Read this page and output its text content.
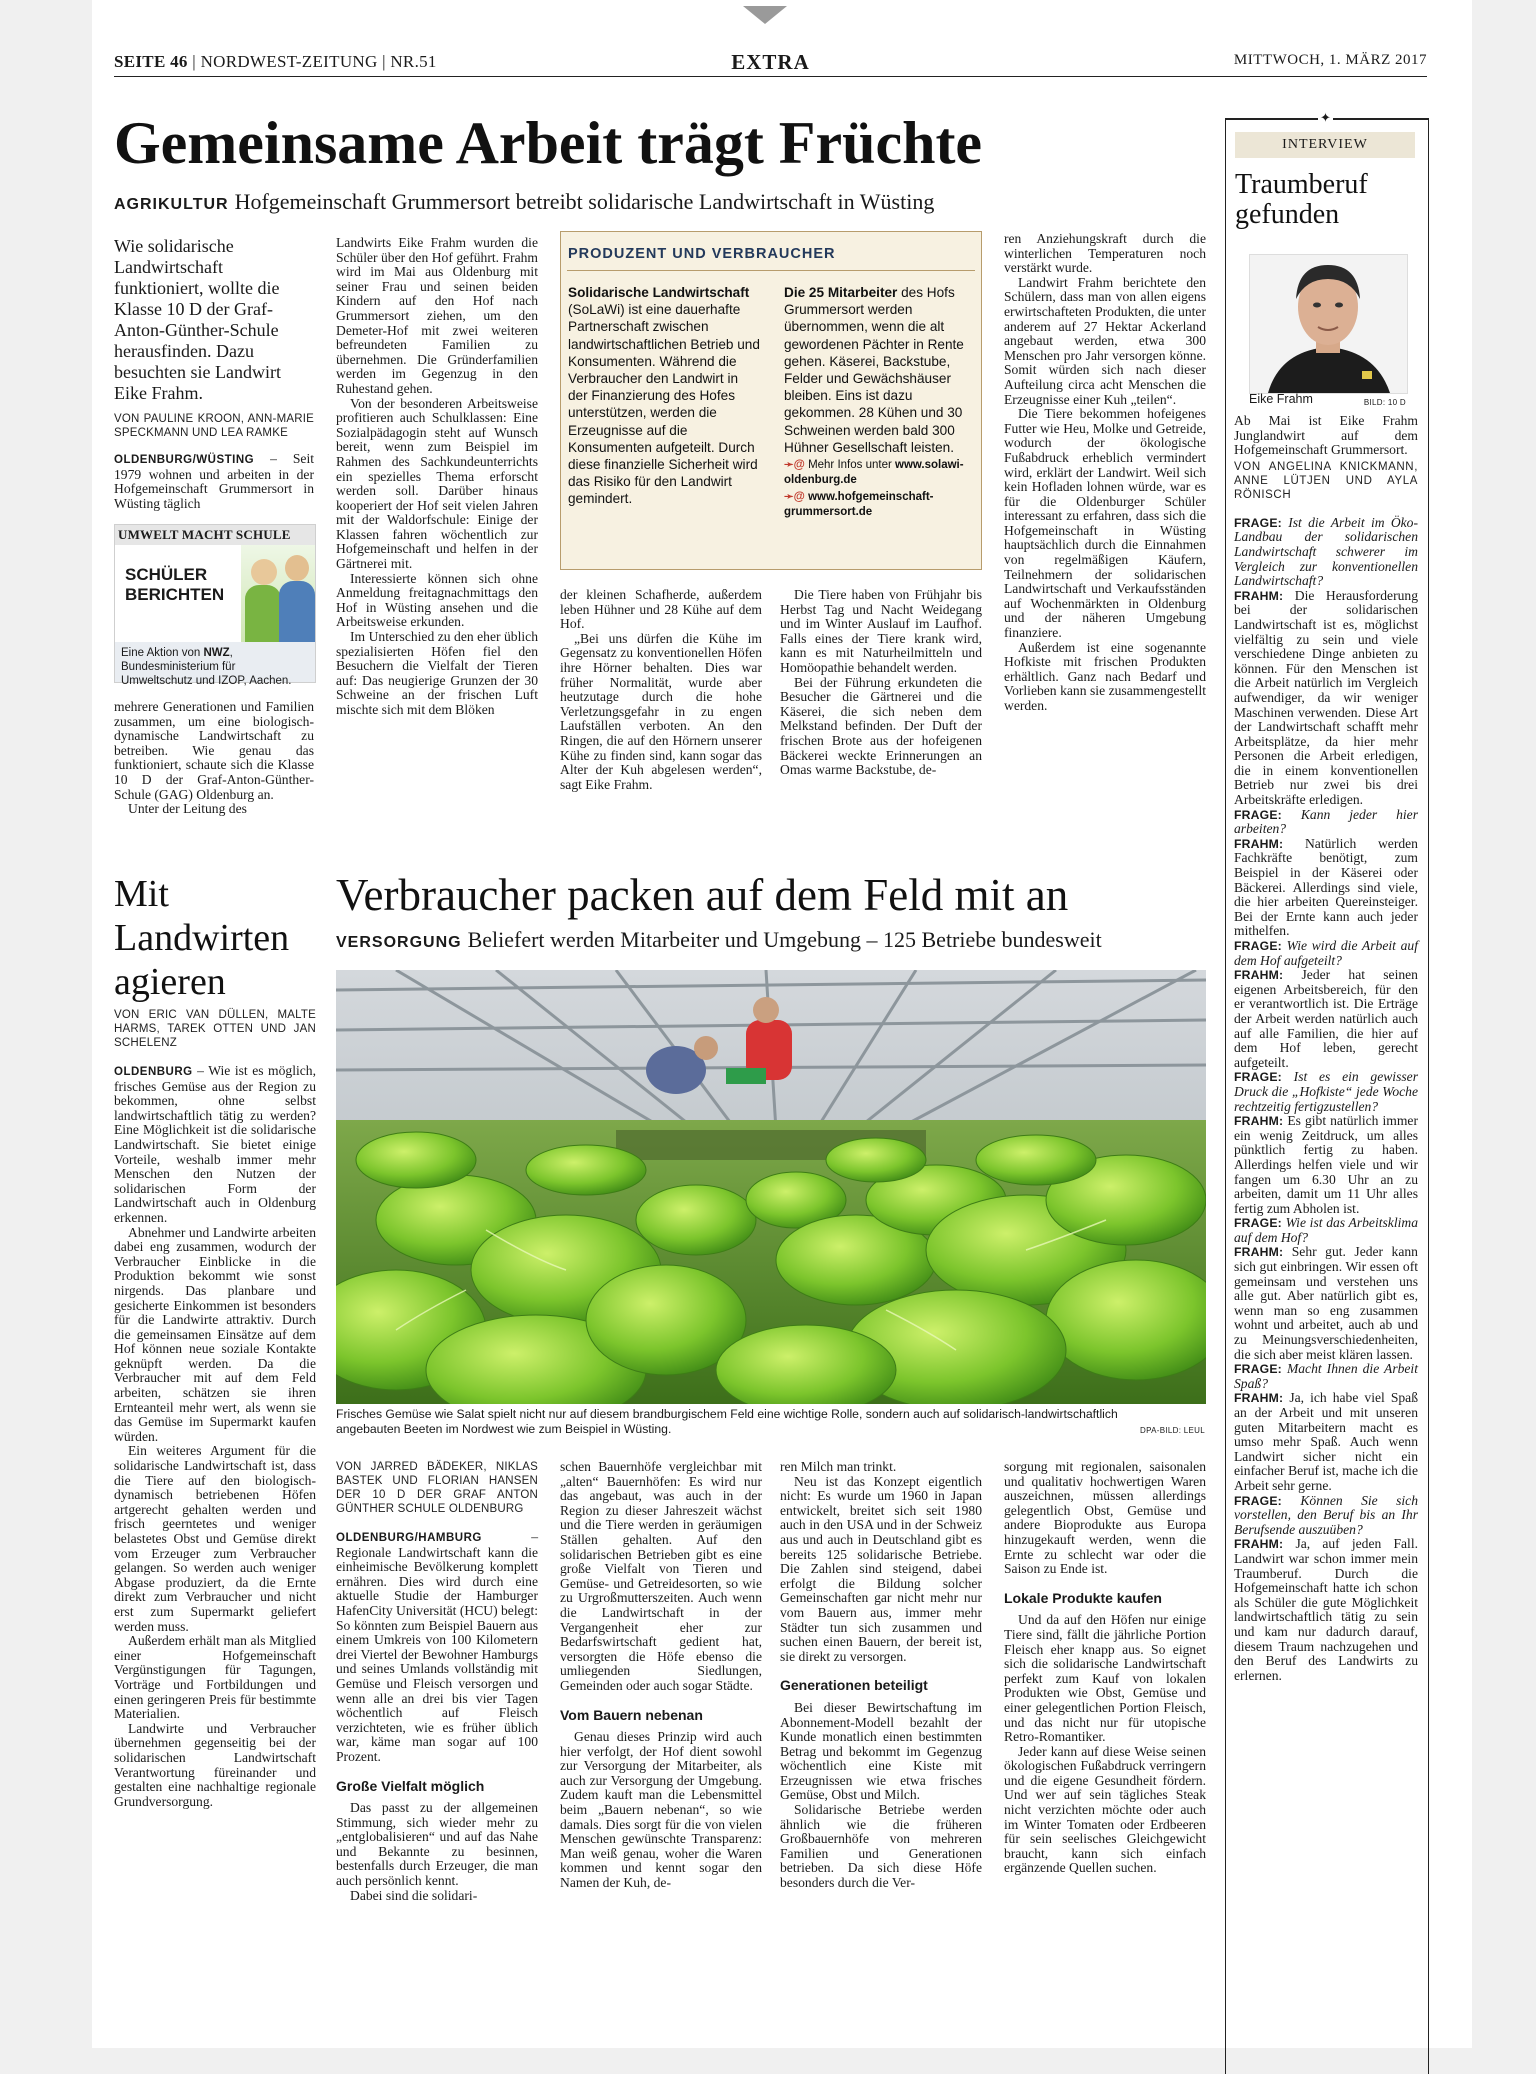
SEITE 46 | NORDWEST-ZEITUNG | NR.51	EXTRA	MITTWOCH, 1. MÄRZ 2017
Gemeinsame Arbeit trägt Früchte
AGRIKULTUR Hofgemeinschaft Grummersort betreibt solidarische Landwirtschaft in Wüsting
Wie solidarische Landwirtschaft funktioniert, wollte die Klasse 10 D der Graf-Anton-Günther-Schule herausfinden. Dazu besuchten sie Landwirt Eike Frahm.
VON PAULINE KROON, ANN-MARIE SPECKMANN UND LEA RAMKE

OLDENBURG/WÜSTING – Seit 1979 wohnen und arbeiten in der Hofgemeinschaft Grummersort in Wüsting täglich

UMWELT MACHT SCHULE
SCHÜLER
BERICHTEN
Eine Aktion von NWZ, Bundesministerium für Umweltschutz und IZOP, Aachen.

mehrere Generationen und Familien zusammen, um eine biologisch-dynamische Landwirtschaft zu betreiben. Wie genau das funktioniert, schaute sich die Klasse 10 D der Graf-Anton-Günther-Schule (GAG) Oldenburg an.

Unter der Leitung des

Landwirts Eike Frahm wurden die Schüler über den Hof geführt. Frahm wird im Mai aus Oldenburg mit seiner Frau und seinen beiden Kindern auf den Hof nach Grummersort ziehen, um den Demeter-Hof mit zwei weiteren befreundeten Familien zu übernehmen. Die Gründerfamilien werden im Gegenzug in den Ruhestand gehen.

Von der besonderen Arbeitsweise profitieren auch Schulklassen: Eine Sozialpädagogin steht auf Wunsch bereit, wenn zum Beispiel im Rahmen des Sachkundeunterrichts ein spezielles Thema erforscht werden soll. Darüber hinaus kooperiert der Hof seit vielen Jahren mit der Waldorfschule: Einige der Klassen fahren wöchentlich zur Hofgemeinschaft und helfen in der Gärtnerei mit.

Interessierte können sich ohne Anmeldung freitagnachmittags den Hof in Wüsting ansehen und die Arbeitsweise erkunden.

Im Unterschied zu den eher üblich spezialisierten Höfen fiel den Besuchern die Vielfalt der Tieren auf: Das neugierige Grunzen der 30 Schweine an der frischen Luft mischte sich mit dem Blöken

PRODUZENT UND VERBRAUCHER
Solidarische Landwirtschaft (SoLaWi) ist eine dauerhafte Partnerschaft zwischen landwirtschaftlichen Betrieb und Konsumenten. Während die Verbraucher den Landwirt in der Finanzierung des Hofes unterstützen, werden die Erzeugnisse auf die Konsumenten aufgeteilt. Durch diese finanzielle Sicherheit wird das Risiko für den Landwirt gemindert.
Die 25 Mitarbeiter des Hofs Grummersort werden übernommen, wenn die alt gewordenen Pächter in Rente gehen. Käserei, Backstube, Felder und Gewächshäuser bleiben. Eins ist dazu gekommen. 28 Kühen und 30 Schweinen werden bald 300 Hühner Gesellschaft leisten.
➛@ Mehr Infos unter www.solawi-oldenburg.de
➛@ www.hofgemeinschaft-grummersort.de

der kleinen Schafherde, außerdem leben Hühner und 28 Kühe auf dem Hof.

„Bei uns dürfen die Kühe im Gegensatz zu konventionellen Höfen ihre Hörner behalten. Dies war früher Normalität, wurde aber heutzutage durch die hohe Verletzungsgefahr in zu engen Laufställen verboten. An den Ringen, die auf den Hörnern unserer Kühe zu finden sind, kann sogar das Alter der Kuh abgelesen werden“, sagt Eike Frahm.

Die Tiere haben von Frühjahr bis Herbst Tag und Nacht Weidegang und im Winter Auslauf im Laufhof. Falls eines der Tiere krank wird, kann es mit Naturheilmitteln und Homöopathie behandelt werden.

Bei der Führung erkundeten die Besucher die Gärtnerei und die Käserei, die sich neben dem Melkstand befinden. Der Duft der frischen Brote aus der hofeigenen Bäckerei weckte Erinnerungen an Omas warme Backstube, de-

ren Anziehungskraft durch die winterlichen Temperaturen noch verstärkt wurde.

Landwirt Frahm berichtete den Schülern, dass man von allen eigens erwirtschafteten Produkten, die unter anderem auf 27 Hektar Ackerland angebaut werden, etwa 300 Menschen pro Jahr versorgen könne. Somit würden sich nach dieser Aufteilung circa acht Menschen die Erzeugnisse einer Kuh „teilen“.

Die Tiere bekommen hofeigenes Futter wie Heu, Molke und Getreide, wodurch der ökologische Fußabdruck erheblich vermindert wird, erklärt der Landwirt. Weil sich kein Hofladen lohnen würde, war es für die Oldenburger Schüler interessant zu erfahren, dass sich die Hofgemeinschaft in Wüsting hauptsächlich durch die Einnahmen von regelmäßigen Käufern, Teilnehmern der solidarischen Landwirtschaft und Verkaufsständen auf Wochenmärkten in Oldenburg und der näheren Umgebung finanziere.

Außerdem ist eine sogenannte Hofkiste mit frischen Produkten erhältlich. Ganz nach Bedarf und Vorlieben kann sie zusammengestellt werden.

Mit
Landwirten
agieren
VON ERIC VAN DÜLLEN, MALTE HARMS, TAREK OTTEN UND JAN SCHELENZ

OLDENBURG – Wie ist es möglich, frisches Gemüse aus der Region zu bekommen, ohne selbst landwirtschaftlich tätig zu werden? Eine Möglichkeit ist die solidarische Landwirtschaft. Sie bietet einige Vorteile, weshalb immer mehr Menschen den Nutzen der solidarischen Form der Landwirtschaft auch in Oldenburg erkennen.

Abnehmer und Landwirte arbeiten dabei eng zusammen, wodurch der Verbraucher Einblicke in die Produktion bekommt wie sonst nirgends. Das planbare und gesicherte Einkommen ist besonders für die Landwirte attraktiv. Durch die gemeinsamen Einsätze auf dem Hof können neue soziale Kontakte geknüpft werden. Da die Verbraucher mit auf dem Feld arbeiten, schätzen sie ihren Ernteanteil mehr wert, als wenn sie das Gemüse im Supermarkt kaufen würden.

Ein weiteres Argument für die solidarische Landwirtschaft ist, dass die Tiere auf den biologisch-dynamisch betriebenen Höfen artgerecht gehalten werden und frisch geerntetes und weniger belastetes Obst und Gemüse direkt vom Erzeuger zum Verbraucher gelangen. So werden auch weniger Abgase produziert, da die Ernte direkt zum Verbraucher und nicht erst zum Supermarkt geliefert werden muss.

Außerdem erhält man als Mitglied einer Hofgemeinschaft Vergünstigungen für Tagungen, Vorträge und Fortbildungen und einen geringeren Preis für bestimmte Materialien.

Landwirte und Verbraucher übernehmen gegenseitig bei der solidarischen Landwirtschaft Verantwortung füreinander und gestalten eine nachhaltige regionale Grundversorgung.

Verbraucher packen auf dem Feld mit an
VERSORGUNG Beliefert werden Mitarbeiter und Umgebung – 125 Betriebe bundesweit
Frisches Gemüse wie Salat spielt nicht nur auf diesem brandburgischem Feld eine wichtige Rolle, sondern auch auf solidarisch-landwirtschaftlich angebauten Beeten im Nordwest wie zum Beispiel in Wüsting.	DPA-BILD: LEUL
VON JARRED BÄDEKER, NIKLAS BASTEK UND FLORIAN HANSEN DER 10 D DER GRAF ANTON GÜNTHER SCHULE OLDENBURG

OLDENBURG/HAMBURG	– Regionale Landwirtschaft kann die einheimische Bevölkerung komplett ernähren. Dies wird durch eine aktuelle Studie der Hamburger HafenCity Universität (HCU) belegt: So könnten zum Beispiel Bauern aus einem Umkreis von 100 Kilometern drei Viertel der Bewohner Hamburgs und seines Umlands vollständig mit Gemüse und Fleisch versorgen und wenn alle an drei bis vier Tagen wöchentlich auf Fleisch verzichteten, wie es früher üblich war, käme man sogar auf 100 Prozent.

Große Vielfalt möglich

Das passt zu der allgemeinen Stimmung, sich wieder mehr zu „entglobalisieren“ und auf das Nahe und Bekannte zu besinnen, bestenfalls durch Erzeuger, die man auch persönlich kennt.

Dabei sind die solidari-

schen Bauernhöfe vergleichbar mit „alten“ Bauernhöfen: Es wird nur das angebaut, was auch in der Region zu dieser Jahreszeit wächst und die Tiere werden in geräumigen Ställen gehalten. Auf den solidarischen Betrieben gibt es eine große Vielfalt von Tieren und Gemüse- und Getreidesorten, so wie zu Urgroßmutterszeiten. Auch wenn die Landwirtschaft in der Vergangenheit eher zur Bedarfswirtschaft gedient hat, versorgten die Höfe ebenso die umliegenden Siedlungen, Gemeinden oder auch sogar Städte.

Vom Bauern nebenan

Genau dieses Prinzip wird auch hier verfolgt, der Hof dient sowohl zur Versorgung der Mitarbeiter, als auch zur Versorgung der Umgebung. Zudem kauft man die Lebensmittel beim „Bauern nebenan“, so wie damals. Dies sorgt für die von vielen Menschen gewünschte Transparenz: Man weiß genau, woher die Waren kommen und kennt sogar den Namen der Kuh, de-

ren Milch man trinkt.

Neu ist das Konzept eigentlich nicht: Es wurde um 1960 in Japan entwickelt, breitet sich seit 1980 auch in den USA und in der Schweiz aus und auch in Deutschland gibt es bereits 125 solidarische Betriebe. Die Zahlen sind steigend, dabei erfolgt die Bildung solcher Gemeinschaften gar nicht mehr nur vom Bauern aus, immer mehr Städter tun sich zusammen und suchen einen Bauern, der bereit ist, sie direkt zu versorgen.

Generationen beteiligt

Bei dieser Bewirtschaftung im Abonnement-Modell bezahlt der Kunde monatlich einen bestimmten Betrag und bekommt im Gegenzug wöchentlich eine Kiste mit Erzeugnissen wie etwa frisches Gemüse, Obst und Milch.

Solidarische Betriebe werden ähnlich wie die früheren Großbauernhöfe von mehreren Familien und Generationen betrieben. Da sich diese Höfe besonders durch die Ver-

sorgung mit regionalen, saisonalen und qualitativ hochwertigen Waren auszeichnen, müssen allerdings gelegentlich Obst, Gemüse und andere Bioprodukte aus Europa hinzugekauft werden, wenn die Ernte zu schlecht war oder die Saison zu Ende ist.

Lokale Produkte kaufen

Und da auf den Höfen nur einige Tiere sind, fällt die jährliche Portion Fleisch eher knapp aus. So eignet sich die solidarische Landwirtschaft perfekt zum Kauf von lokalen Produkten wie Obst, Gemüse und einer gelegentlichen Portion Fleisch, und das nicht nur für utopische Retro-Romantiker.

Jeder kann auf diese Weise seinen ökologischen Fußabdruck verringern und die eigene Gesundheit fördern. Und wer auf sein tägliches Steak nicht verzichten möchte oder auch im Winter Tomaten oder Erdbeeren für sein seelisches Gleichgewicht braucht, kann sich einfach ergänzende Quellen suchen.

✦
INTERVIEW
Traumberuf
gefunden
Eike Frahm	BILD: 10 D

Ab Mai ist Eike Frahm Junglandwirt auf dem Hofgemeinschaft Grummersort.

VON ANGELINA KNICKMANN, ANNE LÜTJEN UND AYLA RÖNISCH

FRAGE: Ist die Arbeit im Öko-Landbau der solidarischen Landwirtschaft schwerer im Vergleich zur konventionellen Landwirtschaft?

FRAHM: Die Herausforderung bei der solidarischen Landwirtschaft ist es, möglichst vielfältig zu sein und viele verschiedene Dinge anbieten zu können. Für den Menschen ist die Arbeit natürlich im Vergleich aufwendiger, da wir weniger Maschinen verwenden. Diese Art der Landwirtschaft schafft mehr Arbeitsplätze, da hier mehr Personen die Arbeit erledigen, die in einem konventionellen Betrieb nur zwei bis drei Arbeitskräfte erledigen.

FRAGE: Kann jeder hier arbeiten?

FRAHM: Natürlich werden Fachkräfte benötigt, zum Beispiel in der Käserei oder Bäckerei. Allerdings sind viele, die hier arbeiten Quereinsteiger. Bei der Ernte kann auch jeder mithelfen.

FRAGE: Wie wird die Arbeit auf dem Hof aufgeteilt?

FRAHM: Jeder hat seinen eigenen Arbeitsbereich, für den er verantwortlich ist. Die Erträge der Arbeit werden natürlich auch auf alle Familien, die hier auf dem Hof leben, gerecht aufgeteilt.

FRAGE: Ist es ein gewisser Druck die „Hofkiste“ jede Woche rechtzeitig fertigzustellen?

FRAHM: Es gibt natürlich immer ein wenig Zeitdruck, um alles pünktlich fertig zu haben. Allerdings helfen viele und wir fangen um 6.30 Uhr an zu arbeiten, damit um 11 Uhr alles fertig zum Abholen ist.

FRAGE: Wie ist das Arbeitsklima auf dem Hof?

FRAHM: Sehr gut. Jeder kann sich gut einbringen. Wir essen oft gemeinsam und verstehen uns alle gut. Aber natürlich gibt es, wenn man so eng zusammen wohnt und arbeitet, auch ab und zu Meinungsverschiedenheiten, die sich aber meist klären lassen.

FRAGE: Macht Ihnen die Arbeit Spaß?

FRAHM: Ja, ich habe viel Spaß an der Arbeit und mit unseren guten Mitarbeitern macht es umso mehr Spaß. Auch wenn Landwirt sicher nicht ein einfacher Beruf ist, mache ich die Arbeit sehr gerne.

FRAGE: Können Sie sich vorstellen, den Beruf bis an Ihr Berufsende auszuüben?

FRAHM: Ja, auf jeden Fall. Landwirt war schon immer mein Traumberuf. Durch die Hofgemeinschaft hatte ich schon als Schüler die gute Möglichkeit landwirtschaftlich tätig zu sein und kam nur dadurch darauf, diesem Traum nachzugehen und den Beruf des Landwirts zu erlernen.
